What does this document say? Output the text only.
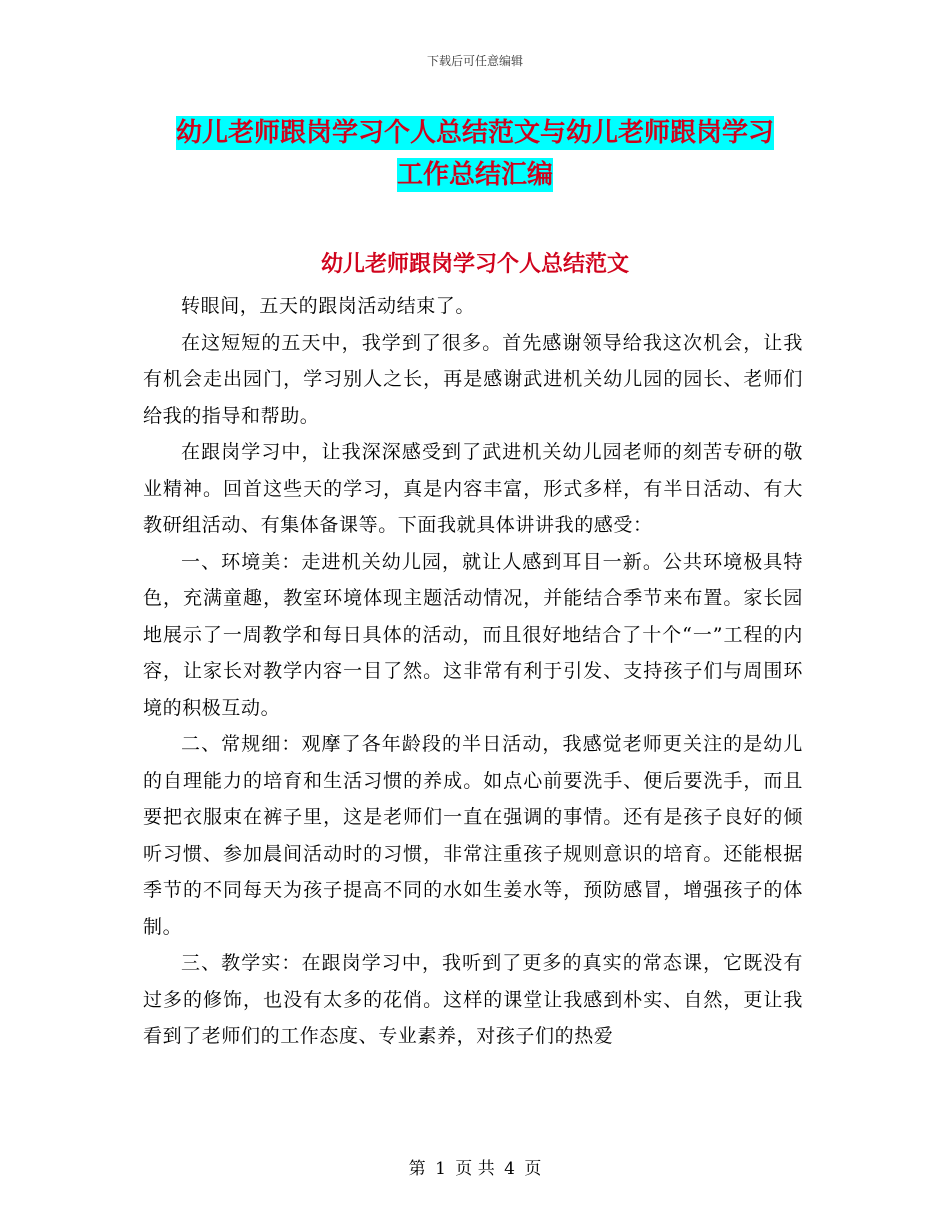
下载后可任意编辑
幼儿老师跟岗学习个人总结范文与幼儿老师跟岗学习
工作总结汇编
幼儿老师跟岗学习个人总结范文

转眼间，五天的跟岗活动结束了。

在这短短的五天中，我学到了很多。首先感谢领导给我这次机会，让我有机会走出园门，学习别人之长，再是感谢武进机关幼儿园的园长、老师们给我的指导和帮助。

在跟岗学习中，让我深深感受到了武进机关幼儿园老师的刻苦专研的敬业精神。回首这些天的学习，真是内容丰富，形式多样，有半日活动、有大教研组活动、有集体备课等。下面我就具体讲讲我的感受：

一、环境美：走进机关幼儿园，就让人感到耳目一新。公共环境极具特色，充满童趣，教室环境体现主题活动情况，并能结合季节来布置。家长园地展示了一周教学和每日具体的活动，而且很好地结合了十个“一”工程的内容，让家长对教学内容一目了然。这非常有利于引发、支持孩子们与周围环境的积极互动。

二、常规细：观摩了各年龄段的半日活动，我感觉老师更关注的是幼儿的自理能力的培育和生活习惯的养成。如点心前要洗手、便后要洗手，而且要把衣服束在裤子里，这是老师们一直在强调的事情。还有是孩子良好的倾听习惯、参加晨间活动时的习惯，非常注重孩子规则意识的培育。还能根据季节的不同每天为孩子提高不同的水如生姜水等，预防感冒，增强孩子的体制。

三、教学实：在跟岗学习中，我听到了更多的真实的常态课，它既没有过多的修饰，也没有太多的花俏。这样的课堂让我感到朴实、自然，更让我看到了老师们的工作态度、专业素养，对孩子们的热爱

第 1 页 共 4 页
